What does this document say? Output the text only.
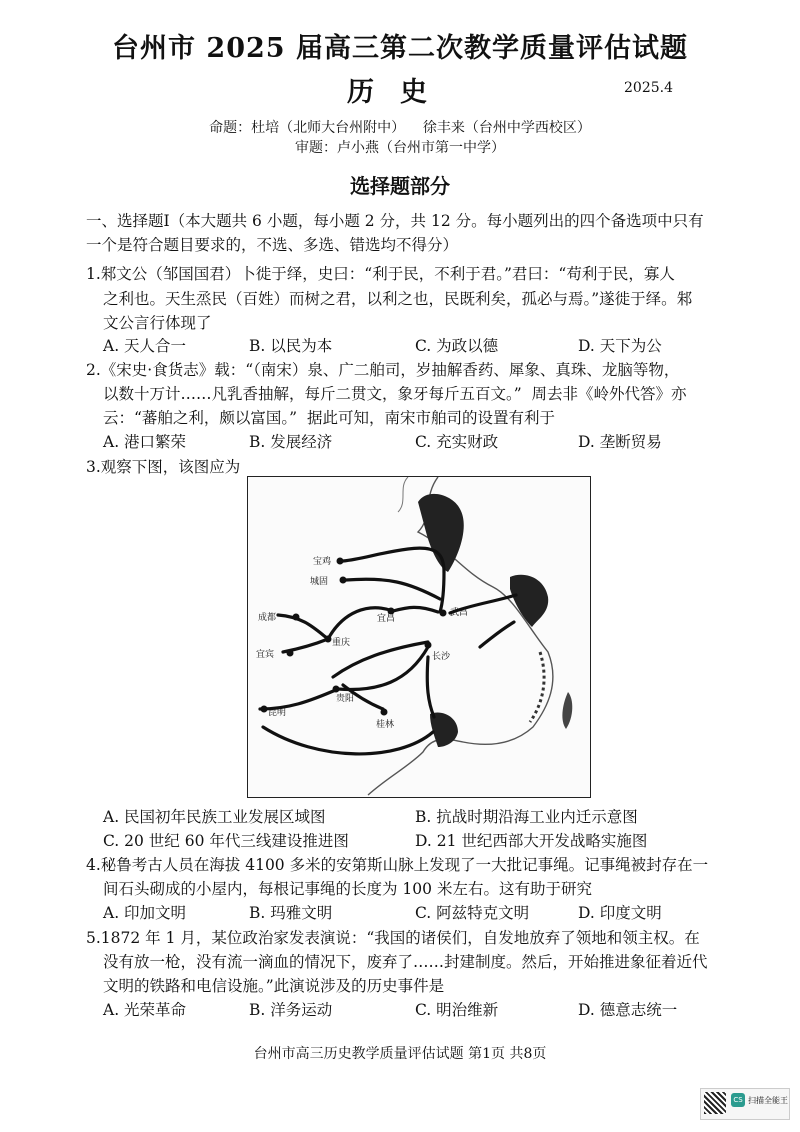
台州市 2025 届高三第二次教学质量评估试题
历史	2025.4
命题：杜培（北师大台州附中）    徐丰来（台州中学西校区）
审题：卢小燕（台州市第一中学）
选择题部分
一、选择题Ⅰ（本大题共 6 小题，每小题 2 分，共 12 分。每小题列出的四个备选项中只有
一个是符合题目要求的，不选、多选、错选均不得分）
1.邾文公（邹国国君）卜徙于绎，史曰：“利于民，不利于君。”君曰：“苟利于民，寡人
之利也。天生烝民（百姓）而树之君，以利之也，民既利矣，孤必与焉。”遂徙于绎。邾
文公言行体现了
A. 天人合一	B. 以民为本	C. 为政以德	D. 天下为公
2.《宋史·食货志》载：“（南宋）泉、广二舶司，岁抽解香药、犀象、真珠、龙脑等物，
以数十万计……凡乳香抽解，每斤二贯文，象牙每斤五百文。”  周去非《岭外代答》亦
云：“蕃舶之利，颇以富国。”  据此可知，南宋市舶司的设置有利于
A. 港口繁荣	B. 发展经济	C. 充实财政	D. 垄断贸易
3.观察下图，该图应为
宝鸡
城固
成都	宜昌
武昌
重庆
宜宾	长沙
贵阳
昆明
桂林
A. 民国初年民族工业发展区域图	B. 抗战时期沿海工业内迁示意图
C. 20 世纪 60 年代三线建设推进图	D. 21 世纪西部大开发战略实施图
4.秘鲁考古人员在海拔 4100 多米的安第斯山脉上发现了一大批记事绳。记事绳被封存在一
间石头砌成的小屋内，每根记事绳的长度为 100 米左右。这有助于研究
A. 印加文明	B. 玛雅文明	C. 阿兹特克文明	D. 印度文明
5.1872 年 1 月，某位政治家发表演说：“我国的诸侯们，自发地放弃了领地和领主权。在
没有放一枪，没有流一滴血的情况下，废弃了……封建制度。然后，开始推进象征着近代
文明的铁路和电信设施。”此演说涉及的历史事件是
A. 光荣革命	B. 洋务运动	C. 明治维新	D. 德意志统一
台州市高三历史教学质量评估试题 第1页 共8页
CS 扫描全能王
